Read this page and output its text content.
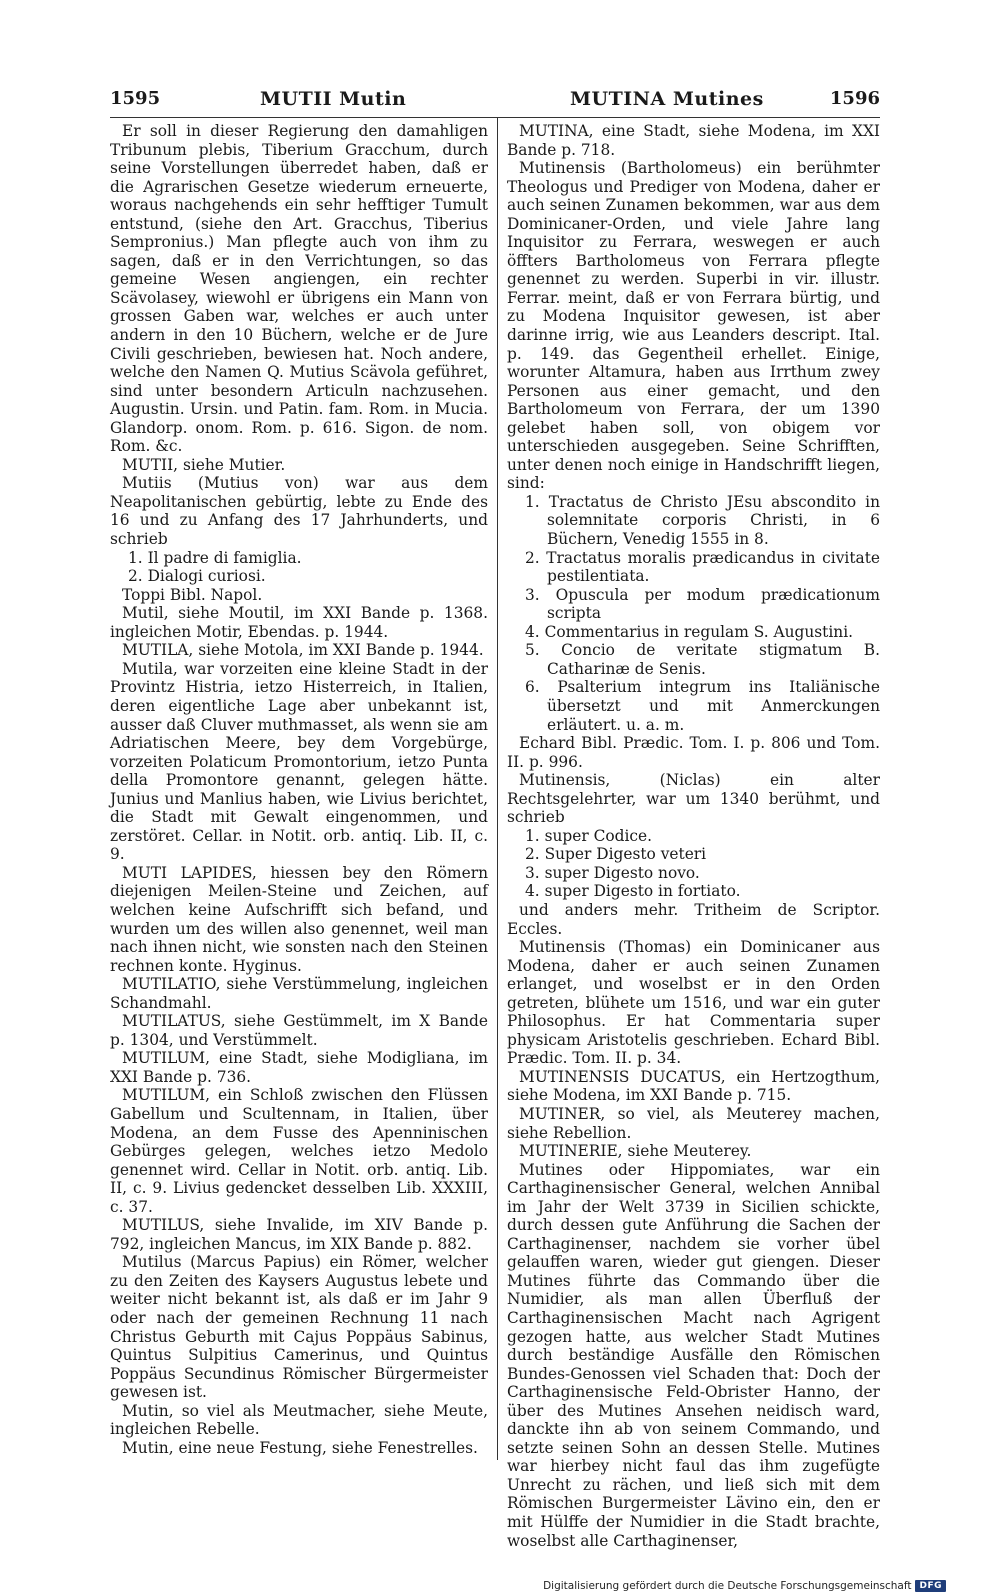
1595	MUTII Mutin	MUTINA Mutines	1596

Er soll in dieser Regierung den damahligen Tribunum plebis, Tiberium Gracchum, durch seine Vorstellungen überredet haben, daß er die Agrarischen Gesetze wiederum erneuerte, woraus nachgehends ein sehr hefftiger Tumult entstund, (siehe den Art. Gracchus, Tiberius Sempronius.) Man pflegte auch von ihm zu sagen, daß er in den Verrichtungen, so das gemeine Wesen angiengen, ein rechter Scävolasey, wiewohl er übrigens ein Mann von grossen Gaben war, welches er auch unter andern in den 10 Büchern, welche er de Jure Civili geschrieben, bewiesen hat. Noch andere, welche den Namen Q. Mutius Scävola geführet, sind unter besondern Articuln nachzusehen. Augustin. Ursin. und Patin. fam. Rom. in Mucia. Glandorp. onom. Rom. p. 616. Sigon. de nom. Rom. &c.

MUTII, siehe Mutier.

Mutiis (Mutius von) war aus dem Neapolitanischen gebürtig, lebte zu Ende des 16 und zu Anfang des 17 Jahrhunderts, und schrieb

1. Il padre di famiglia.

2. Dialogi curiosi.

Toppi Bibl. Napol.

Mutil, siehe Moutil, im XXI Bande p. 1368. ingleichen Motir, Ebendas. p. 1944.

MUTILA, siehe Motola, im XXI Bande p. 1944.

Mutila, war vorzeiten eine kleine Stadt in der Provintz Histria, ietzo Histerreich, in Italien, deren eigentliche Lage aber unbekannt ist, ausser daß Cluver muthmasset, als wenn sie am Adriatischen Meere, bey dem Vorgebürge, vorzeiten Polaticum Promontorium, ietzo Punta della Promontore genannt, gelegen hätte. Junius und Manlius haben, wie Livius berichtet, die Stadt mit Gewalt eingenommen, und zerstöret. Cellar. in Notit. orb. antiq. Lib. II, c. 9.

MUTI LAPIDES, hiessen bey den Römern diejenigen Meilen-Steine und Zeichen, auf welchen keine Aufschrifft sich befand, und wurden um des willen also genennet, weil man nach ihnen nicht, wie sonsten nach den Steinen rechnen konte. Hyginus.

MUTILATIO, siehe Verstümmelung, ingleichen Schandmahl.

MUTILATUS, siehe Gestümmelt, im X Bande p. 1304, und Verstümmelt.

MUTILUM, eine Stadt, siehe Modigliana, im XXI Bande p. 736.

MUTILUM, ein Schloß zwischen den Flüssen Gabellum und Scultennam, in Italien, über Modena, an dem Fusse des Apenninischen Gebürges gelegen, welches ietzo Medolo genennet wird. Cellar in Notit. orb. antiq. Lib. II, c. 9. Livius gedencket desselben Lib. XXXIII, c. 37.

MUTILUS, siehe Invalide, im XIV Bande p. 792, ingleichen Mancus, im XIX Bande p. 882.

Mutilus (Marcus Papius) ein Römer, welcher zu den Zeiten des Kaysers Augustus lebete und weiter nicht bekannt ist, als daß er im Jahr 9 oder nach der gemeinen Rechnung 11 nach Christus Geburth mit Cajus Poppäus Sabinus, Quintus Sulpitius Camerinus, und Quintus Poppäus Secundinus Römischer Bürgermeister gewesen ist.

Mutin, so viel als Meutmacher, siehe Meute, ingleichen Rebelle.

Mutin, eine neue Festung, siehe Fenestrelles.

MUTINA, eine Stadt, siehe Modena, im XXI Bande p. 718.

Mutinensis (Bartholomeus) ein berühmter Theologus und Prediger von Modena, daher er auch seinen Zunamen bekommen, war aus dem Dominicaner-Orden, und viele Jahre lang Inquisitor zu Ferrara, weswegen er auch öffters Bartholomeus von Ferrara pflegte genennet zu werden. Superbi in vir. illustr. Ferrar. meint, daß er von Ferrara bürtig, und zu Modena Inquisitor gewesen, ist aber darinne irrig, wie aus Leanders descript. Ital. p. 149. das Gegentheil erhellet. Einige, worunter Altamura, haben aus Irrthum zwey Personen aus einer gemacht, und den Bartholomeum von Ferrara, der um 1390 gelebet haben soll, von obigem vor unterschieden ausgegeben. Seine Schrifften, unter denen noch einige in Handschrifft liegen, sind:

1. Tractatus de Christo JEsu abscondito in solemnitate corporis Christi, in 6 Büchern, Venedig 1555 in 8.

2. Tractatus moralis prædicandus in civitate pestilentiata.

3. Opuscula per modum prædicationum scripta

4. Commentarius in regulam S. Augustini.

5. Concio de veritate stigmatum B. Catharinæ de Senis.

6. Psalterium integrum ins Italiänische übersetzt und mit Anmerckungen erläutert. u. a. m.

Echard Bibl. Prædic. Tom. I. p. 806 und Tom. II. p. 996.

Mutinensis, (Niclas) ein alter Rechtsgelehrter, war um 1340 berühmt, und schrieb

1. super Codice.

2. Super Digesto veteri

3. super Digesto novo.

4. super Digesto in fortiato.

und anders mehr. Tritheim de Scriptor. Eccles.

Mutinensis (Thomas) ein Dominicaner aus Modena, daher er auch seinen Zunamen erlanget, und woselbst er in den Orden getreten, blühete um 1516, und war ein guter Philosophus. Er hat Commentaria super physicam Aristotelis geschrieben. Echard Bibl. Prædic. Tom. II. p. 34.

MUTINENSIS DUCATUS, ein Hertzogthum, siehe Modena, im XXI Bande p. 715.

MUTINER, so viel, als Meuterey machen, siehe Rebellion.

MUTINERIE, siehe Meuterey.

Mutines oder Hippomiates, war ein Carthaginensischer General, welchen Annibal im Jahr der Welt 3739 in Sicilien schickte, durch dessen gute Anführung die Sachen der Carthaginenser, nachdem sie vorher übel gelauffen waren, wieder gut giengen. Dieser Mutines führte das Commando über die Numidier, als man allen Überfluß der Carthaginensischen Macht nach Agrigent gezogen hatte, aus welcher Stadt Mutines durch beständige Ausfälle den Römischen Bundes-Genossen viel Schaden that: Doch der Carthaginensische Feld-Obrister Hanno, der über des Mutines Ansehen neidisch ward, danckte ihn ab von seinem Commando, und setzte seinen Sohn an dessen Stelle. Mutines war hierbey nicht faul das ihm zugefügte Unrecht zu rächen, und ließ sich mit dem Römischen Burgermeister Lävino ein, den er mit Hülffe der Numidier in die Stadt brachte, woselbst alle Carthaginenser,

Digitalisierung gefördert durch die Deutsche Forschungsgemeinschaft DFG
